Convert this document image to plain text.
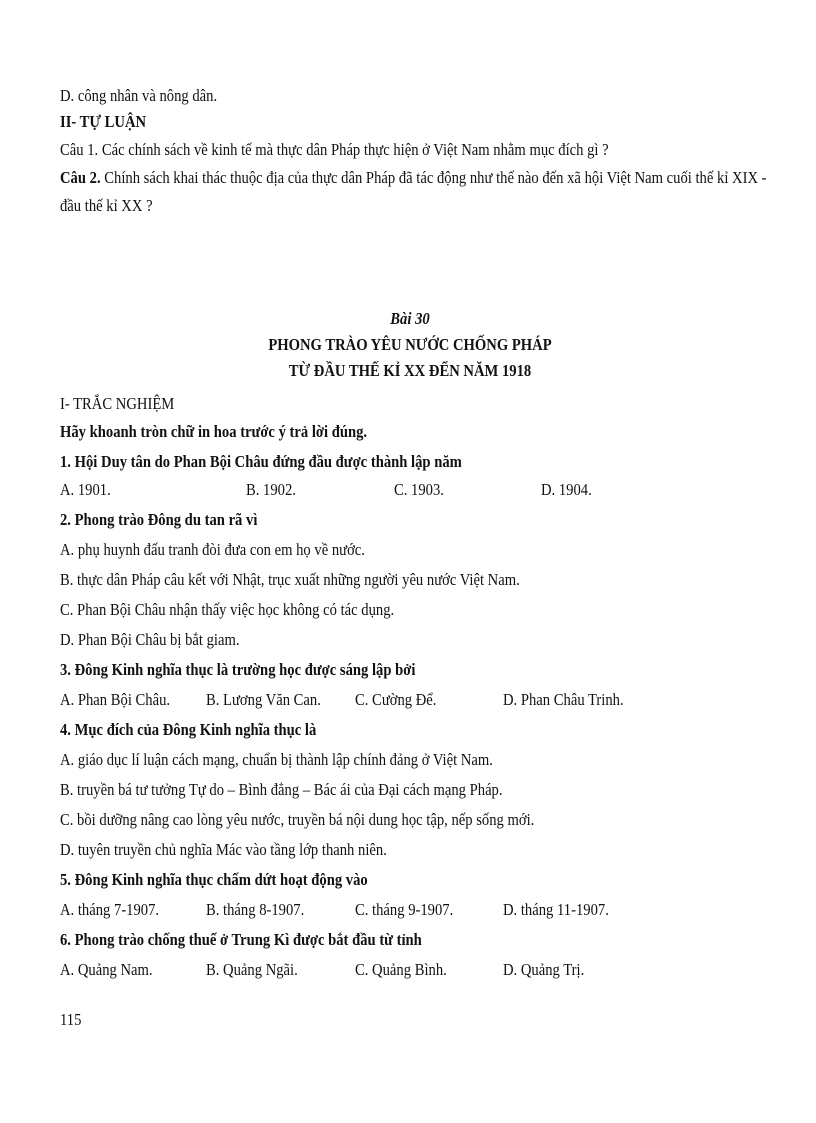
D. công nhân và nông dân.

II- TỰ LUẬN

Câu 1. Các chính sách về kinh tế mà thực dân Pháp thực hiện ở Việt Nam nhằm mục đích gì ?

Câu 2. Chính sách khai thác thuộc địa của thực dân Pháp đã tác động như thế nào đến xã hội Việt Nam cuối thế kỉ XIX -

đầu thế kỉ XX ?

Bài 30

PHONG TRÀO YÊU NƯỚC CHỐNG PHÁP

TỪ ĐẦU THẾ KỈ XX ĐẾN NĂM 1918

I- TRẮC NGHIỆM

Hãy khoanh tròn chữ in hoa trước ý trả lời đúng.

1. Hội Duy tân do Phan Bội Châu đứng đầu được thành lập năm

A. 1901.	B. 1902.	C. 1903.	D. 1904.

2. Phong trào Đông du tan rã vì

A. phụ huynh đấu tranh đòi đưa con em họ về nước.

B. thực dân Pháp câu kết với Nhật, trục xuất những người yêu nước Việt Nam.

C. Phan Bội Châu nhận thấy việc học không có tác dụng.

D. Phan Bội Châu bị bắt giam.

3. Đông Kinh nghĩa thục là trường học được sáng lập bởi

A. Phan Bội Châu. B. Lương Văn Can. C. Cường Để.	D. Phan Châu Trinh.

4. Mục đích của Đông Kinh nghĩa thục là

A. giáo dục lí luận cách mạng, chuẩn bị thành lập chính đảng ở Việt Nam.

B. truyền bá tư tưởng Tự do – Bình đẳng – Bác ái của Đại cách mạng Pháp.

C. bồi dưỡng nâng cao lòng yêu nước, truyền bá nội dung học tập, nếp sống mới.

D. tuyên truyền chủ nghĩa Mác vào tầng lớp thanh niên.

5. Đông Kinh nghĩa thục chấm dứt hoạt động vào

A. tháng 7-1907.	B. tháng 8-1907.	C. tháng 9-1907.	D. tháng 11-1907.

6. Phong trào chống thuế ở Trung Kì được bắt đầu từ tỉnh

A. Quảng Nam.	B. Quảng Ngãi.	C. Quảng Bình.	D. Quảng Trị.
115
